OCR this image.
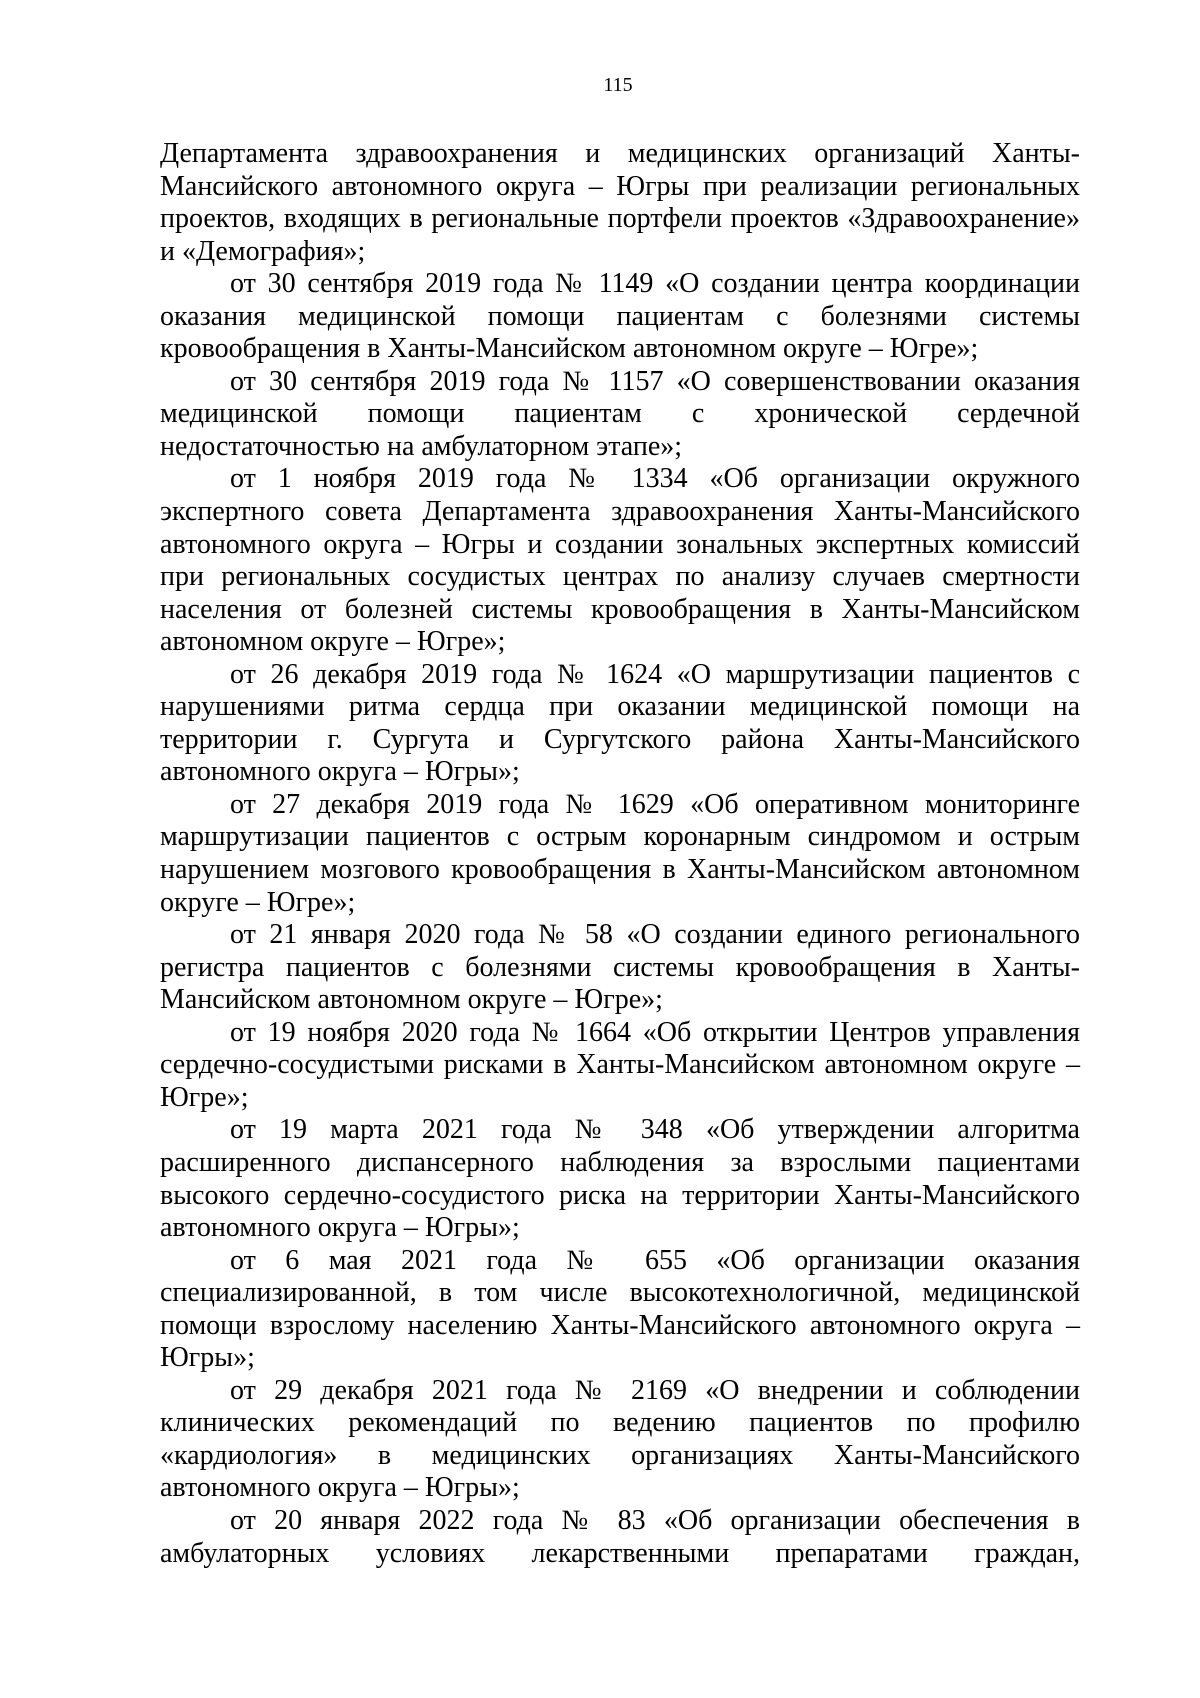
115

Департамента здравоохранения и медицинских организаций Ханты-Мансийского автономного округа – Югры при реализации региональных проектов, входящих в региональные портфели проектов «Здравоохранение» и «Демография»;

от 30 сентября 2019 года № 1149 «О создании центра координации оказания медицинской помощи пациентам с болезнями системы кровообращения в Ханты-Мансийском автономном округе – Югре»;

от 30 сентября 2019 года № 1157 «О совершенствовании оказания медицинской помощи пациентам с хронической сердечной недостаточностью на амбулаторном этапе»;

от 1 ноября 2019 года № 1334 «Об организации окружного экспертного совета Департамента здравоохранения Ханты-Мансийского автономного округа – Югры и создании зональных экспертных комиссий при региональных сосудистых центрах по анализу случаев смертности населения от болезней системы кровообращения в Ханты-Мансийском автономном округе – Югре»;

от 26 декабря 2019 года № 1624 «О маршрутизации пациентов с нарушениями ритма сердца при оказании медицинской помощи на территории г. Сургута и Сургутского района Ханты-Мансийского автономного округа – Югры»;

от 27 декабря 2019 года № 1629 «Об оперативном мониторинге маршрутизации пациентов с острым коронарным синдромом и острым нарушением мозгового кровообращения в Ханты-Мансийском автономном округе – Югре»;

от 21 января 2020 года № 58 «О создании единого регионального регистра пациентов с болезнями системы кровообращения в Ханты-Мансийском автономном округе – Югре»;

от 19 ноября 2020 года № 1664 «Об открытии Центров управления сердечно-сосудистыми рисками в Ханты-Мансийском автономном округе – Югре»;

от 19 марта 2021 года № 348 «Об утверждении алгоритма расширенного диспансерного наблюдения за взрослыми пациентами высокого сердечно-сосудистого риска на территории Ханты-Мансийского автономного округа – Югры»;

от 6 мая 2021 года № 655 «Об организации оказания специализированной, в том числе высокотехнологичной, медицинской помощи взрослому населению Ханты-Мансийского автономного округа – Югры»;

от 29 декабря 2021 года № 2169 «О внедрении и соблюдении клинических рекомендаций по ведению пациентов по профилю «кардиология» в медицинских организациях Ханты-Мансийского автономного округа – Югры»;

от 20 января 2022 года № 83 «Об организации обеспечения в амбулаторных условиях лекарственными препаратами граждан,
